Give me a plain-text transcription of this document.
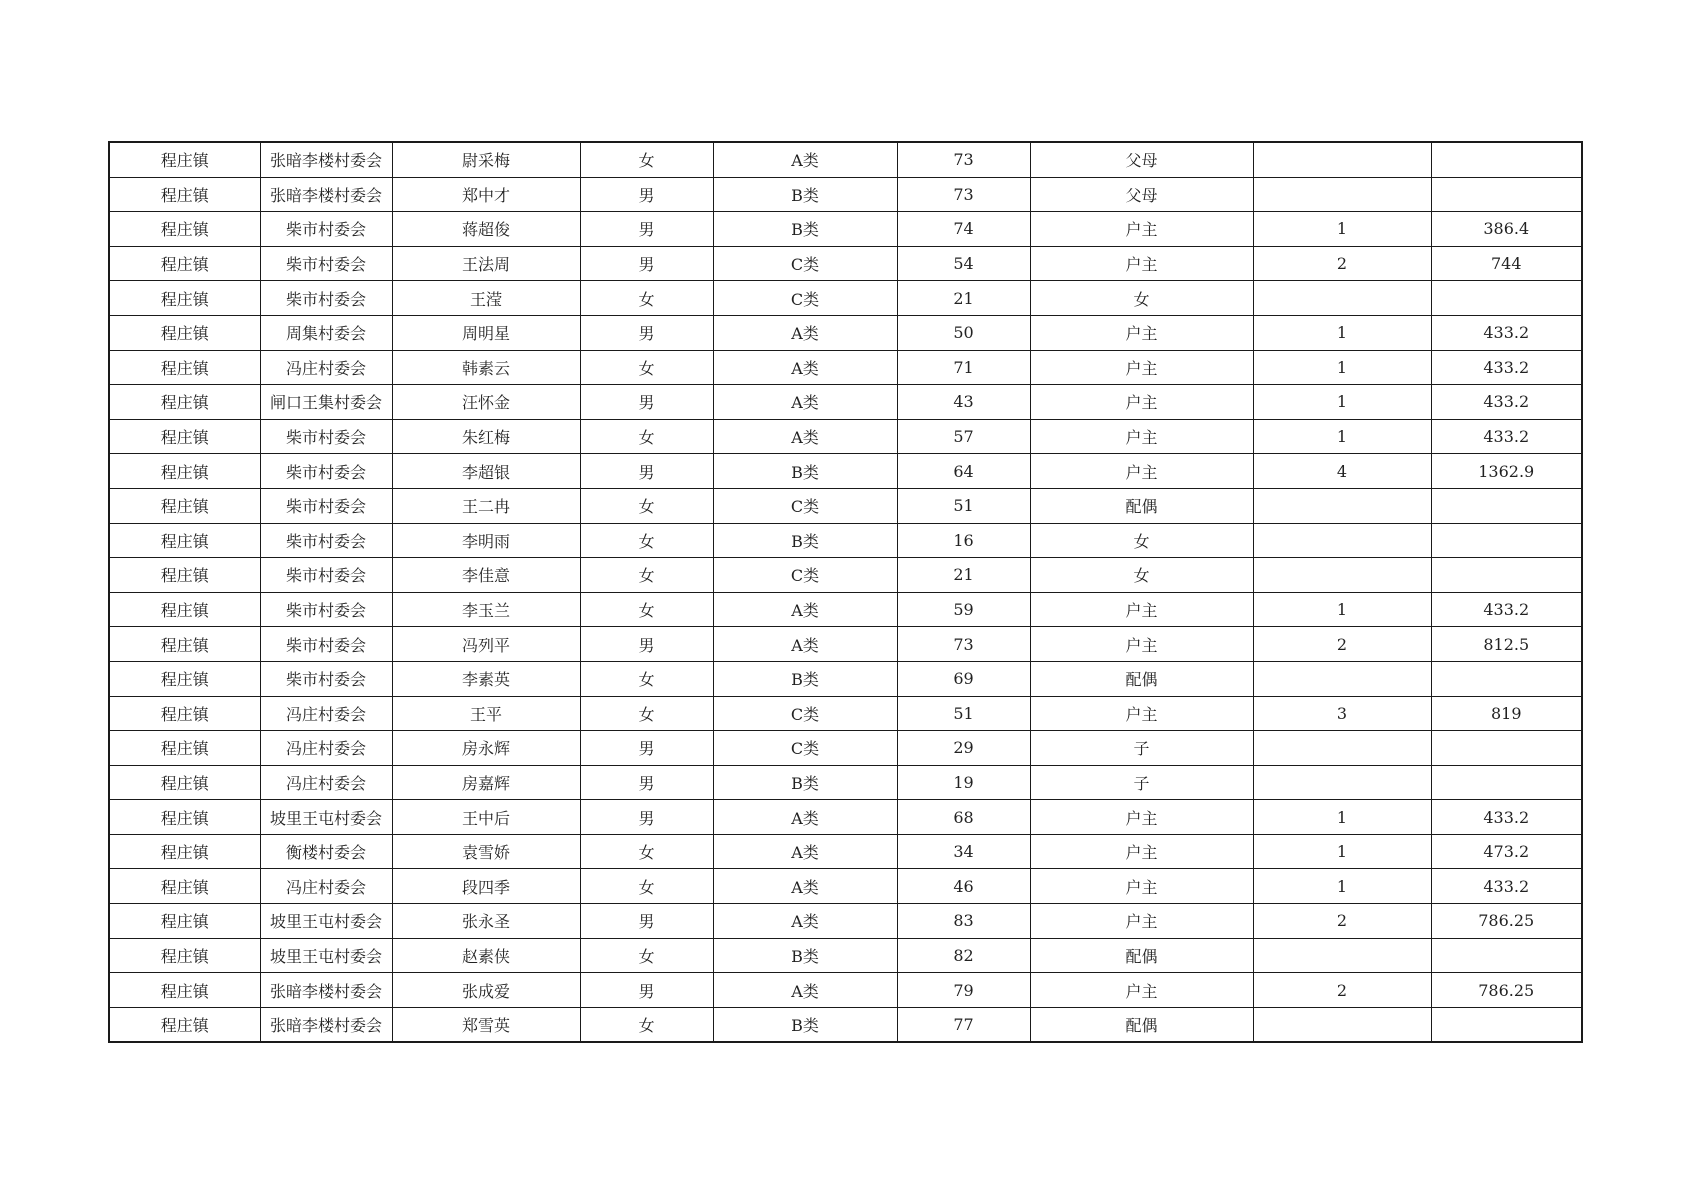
程庄镇	张暗李楼村委会	尉采梅	女	A类	73	父母		
程庄镇	张暗李楼村委会	郑中才	男	B类	73	父母		
程庄镇	柴市村委会	蒋超俊	男	B类	74	户主	1	386.4
程庄镇	柴市村委会	王法周	男	C类	54	户主	2	744
程庄镇	柴市村委会	王滢	女	C类	21	女		
程庄镇	周集村委会	周明星	男	A类	50	户主	1	433.2
程庄镇	冯庄村委会	韩素云	女	A类	71	户主	1	433.2
程庄镇	闸口王集村委会	汪怀金	男	A类	43	户主	1	433.2
程庄镇	柴市村委会	朱红梅	女	A类	57	户主	1	433.2
程庄镇	柴市村委会	李超银	男	B类	64	户主	4	1362.9
程庄镇	柴市村委会	王二冉	女	C类	51	配偶		
程庄镇	柴市村委会	李明雨	女	B类	16	女		
程庄镇	柴市村委会	李佳意	女	C类	21	女		
程庄镇	柴市村委会	李玉兰	女	A类	59	户主	1	433.2
程庄镇	柴市村委会	冯列平	男	A类	73	户主	2	812.5
程庄镇	柴市村委会	李素英	女	B类	69	配偶		
程庄镇	冯庄村委会	王平	女	C类	51	户主	3	819
程庄镇	冯庄村委会	房永辉	男	C类	29	子		
程庄镇	冯庄村委会	房嘉辉	男	B类	19	子		
程庄镇	坡里王屯村委会	王中后	男	A类	68	户主	1	433.2
程庄镇	衡楼村委会	袁雪娇	女	A类	34	户主	1	473.2
程庄镇	冯庄村委会	段四季	女	A类	46	户主	1	433.2
程庄镇	坡里王屯村委会	张永圣	男	A类	83	户主	2	786.25
程庄镇	坡里王屯村委会	赵素侠	女	B类	82	配偶		
程庄镇	张暗李楼村委会	张成爱	男	A类	79	户主	2	786.25
程庄镇	张暗李楼村委会	郑雪英	女	B类	77	配偶		
